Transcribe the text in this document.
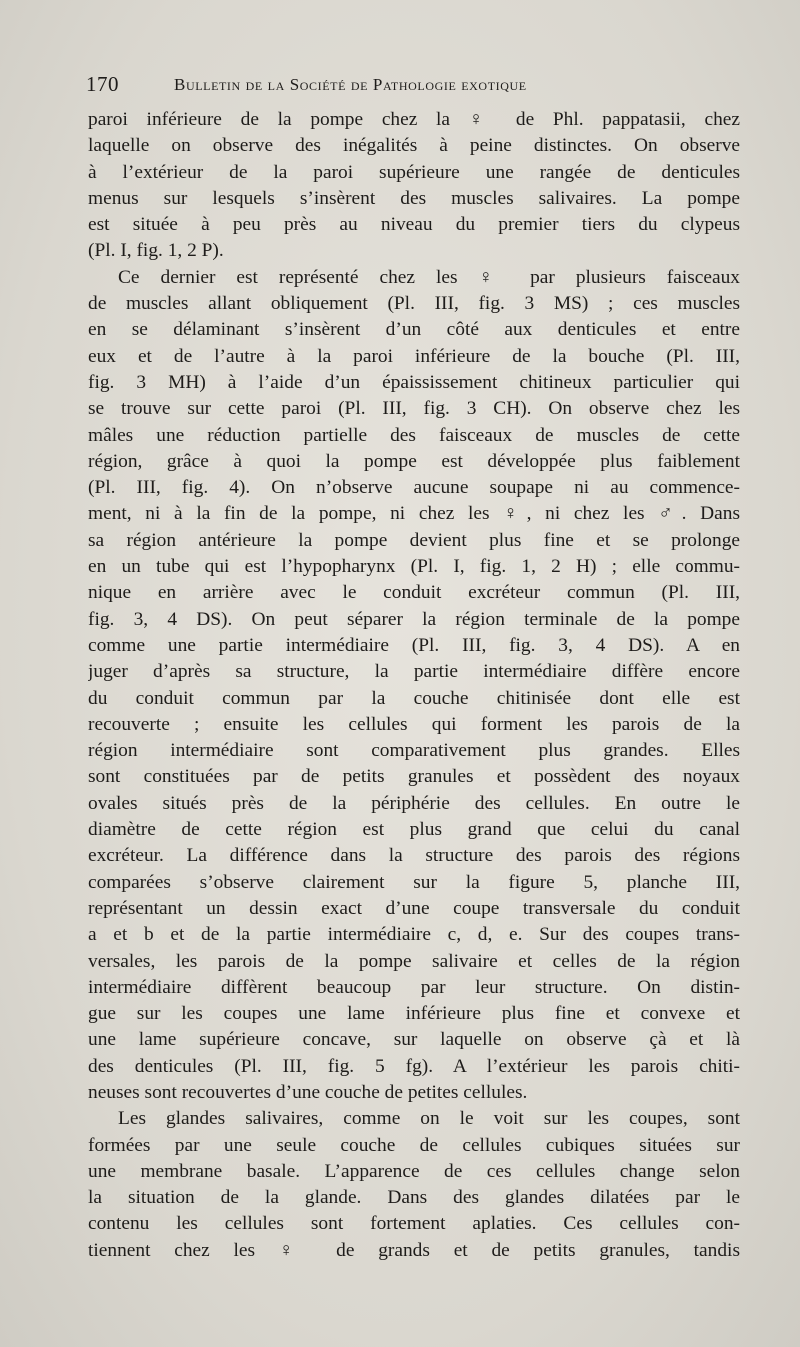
170	Bulletin de la Société de Pathologie exotique
paroi inférieure de la pompe chez la ♀ de Phl. pappatasii, chez
laquelle on observe des inégalités à peine distinctes. On observe
à l’extérieur de la paroi supérieure une rangée de denticules
menus sur lesquels s’insèrent des muscles salivaires. La pompe
est située à peu près au niveau du premier tiers du clypeus
(Pl. I, fig. 1, 2 P).
Ce dernier est représenté chez les ♀ par plusieurs faisceaux
de muscles allant obliquement (Pl. III, fig. 3 MS) ; ces muscles
en se délaminant s’insèrent d’un côté aux denticules et entre
eux et de l’autre à la paroi inférieure de la bouche (Pl. III,
fig. 3 MH) à l’aide d’un épaississement chitineux particulier qui
se trouve sur cette paroi (Pl. III, fig. 3 CH). On observe chez les
mâles une réduction partielle des faisceaux de muscles de cette
région, grâce à quoi la pompe est développée plus faiblement
(Pl. III, fig. 4). On n’observe aucune soupape ni au commence-
ment, ni à la fin de la pompe, ni chez les ♀, ni chez les ♂. Dans
sa région antérieure la pompe devient plus fine et se prolonge
en un tube qui est l’hypopharynx (Pl. I, fig. 1, 2 H) ; elle commu-
nique en arrière avec le conduit excréteur commun (Pl. III,
fig. 3, 4 DS). On peut séparer la région terminale de la pompe
comme une partie intermédiaire (Pl. III, fig. 3, 4 DS). A en
juger d’après sa structure, la partie intermédiaire diffère encore
du conduit commun par la couche chitinisée dont elle est
recouverte ; ensuite les cellules qui forment les parois de la
région intermédiaire sont comparativement plus grandes. Elles
sont constituées par de petits granules et possèdent des noyaux
ovales situés près de la périphérie des cellules. En outre le
diamètre de cette région est plus grand que celui du canal
excréteur. La différence dans la structure des parois des régions
comparées s’observe clairement sur la figure 5, planche III,
représentant un dessin exact d’une coupe transversale du conduit
a et b et de la partie intermédiaire c, d, e. Sur des coupes trans-
versales, les parois de la pompe salivaire et celles de la région
intermédiaire diffèrent beaucoup par leur structure. On distin-
gue sur les coupes une lame inférieure plus fine et convexe et
une lame supérieure concave, sur laquelle on observe çà et là
des denticules (Pl. III, fig. 5 fg). A l’extérieur les parois chiti-
neuses sont recouvertes d’une couche de petites cellules.
Les glandes salivaires, comme on le voit sur les coupes, sont
formées par une seule couche de cellules cubiques situées sur
une membrane basale. L’apparence de ces cellules change selon
la situation de la glande. Dans des glandes dilatées par le
contenu les cellules sont fortement aplaties. Ces cellules con-
tiennent chez les ♀ de grands et de petits granules, tandis
